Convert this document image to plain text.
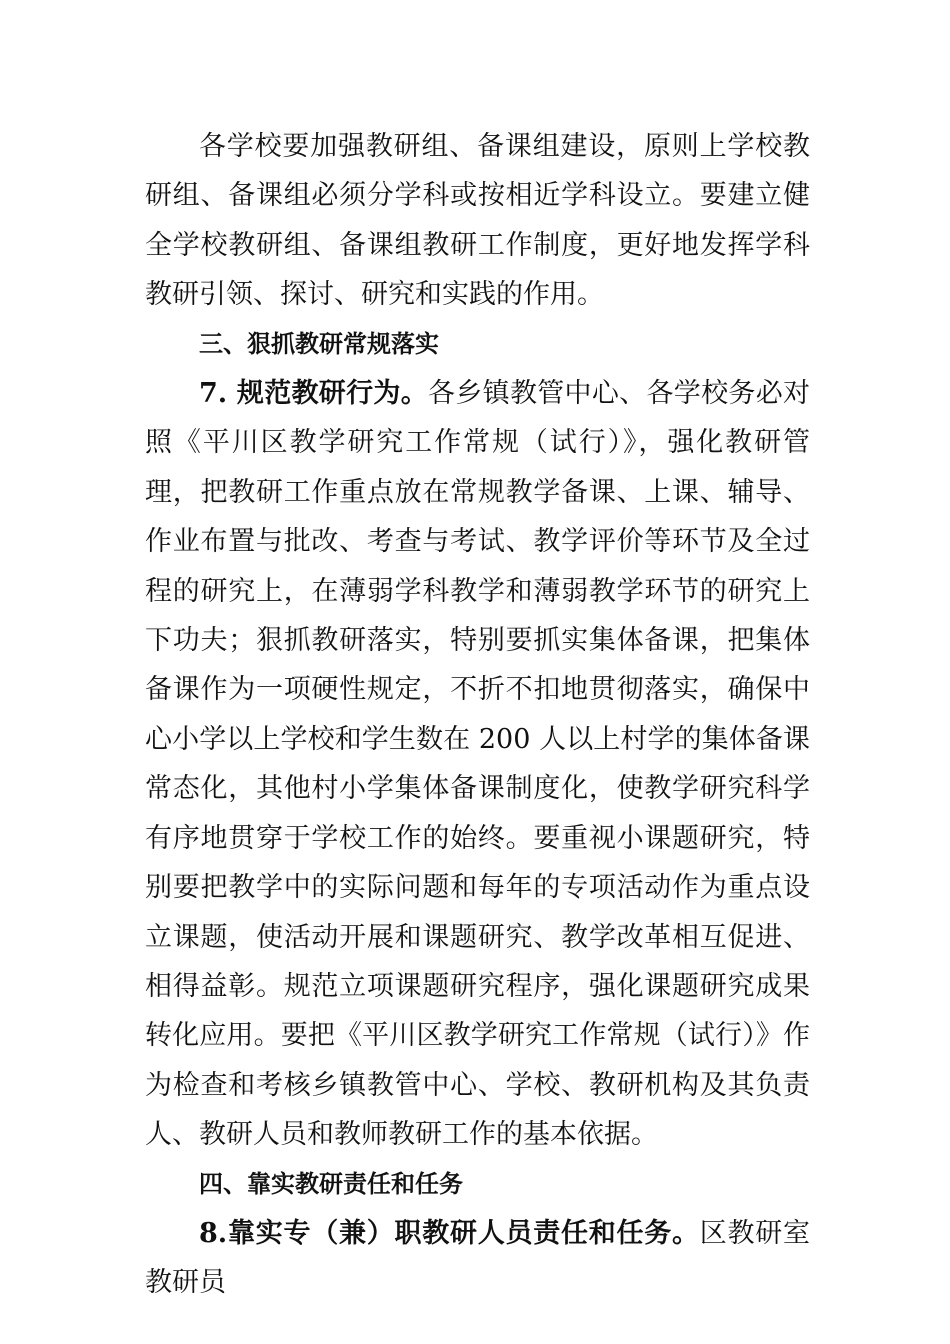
各学校要加强教研组、备课组建设，原则上学校教研组、备课组必须分学科或按相近学科设立。要建立健全学校教研组、备课组教研工作制度，更好地发挥学科教研引领、探讨、研究和实践的作用。

三、狠抓教研常规落实

7. 规范教研行为。各乡镇教管中心、各学校务必对照《平川区教学研究工作常规（试行）》，强化教研管理，把教研工作重点放在常规教学备课、上课、辅导、作业布置与批改、考查与考试、教学评价等环节及全过程的研究上，在薄弱学科教学和薄弱教学环节的研究上下功夫；狠抓教研落实，特别要抓实集体备课，把集体备课作为一项硬性规定，不折不扣地贯彻落实，确保中心小学以上学校和学生数在 200 人以上村学的集体备课常态化，其他村小学集体备课制度化，使教学研究科学有序地贯穿于学校工作的始终。要重视小课题研究，特别要把教学中的实际问题和每年的专项活动作为重点设立课题，使活动开展和课题研究、教学改革相互促进、相得益彰。规范立项课题研究程序，强化课题研究成果转化应用。要把《平川区教学研究工作常规（试行）》作为检查和考核乡镇教管中心、学校、教研机构及其负责人、教研人员和教师教研工作的基本依据。

四、靠实教研责任和任务

8.靠实专（兼）职教研人员责任和任务。区教研室教研员
